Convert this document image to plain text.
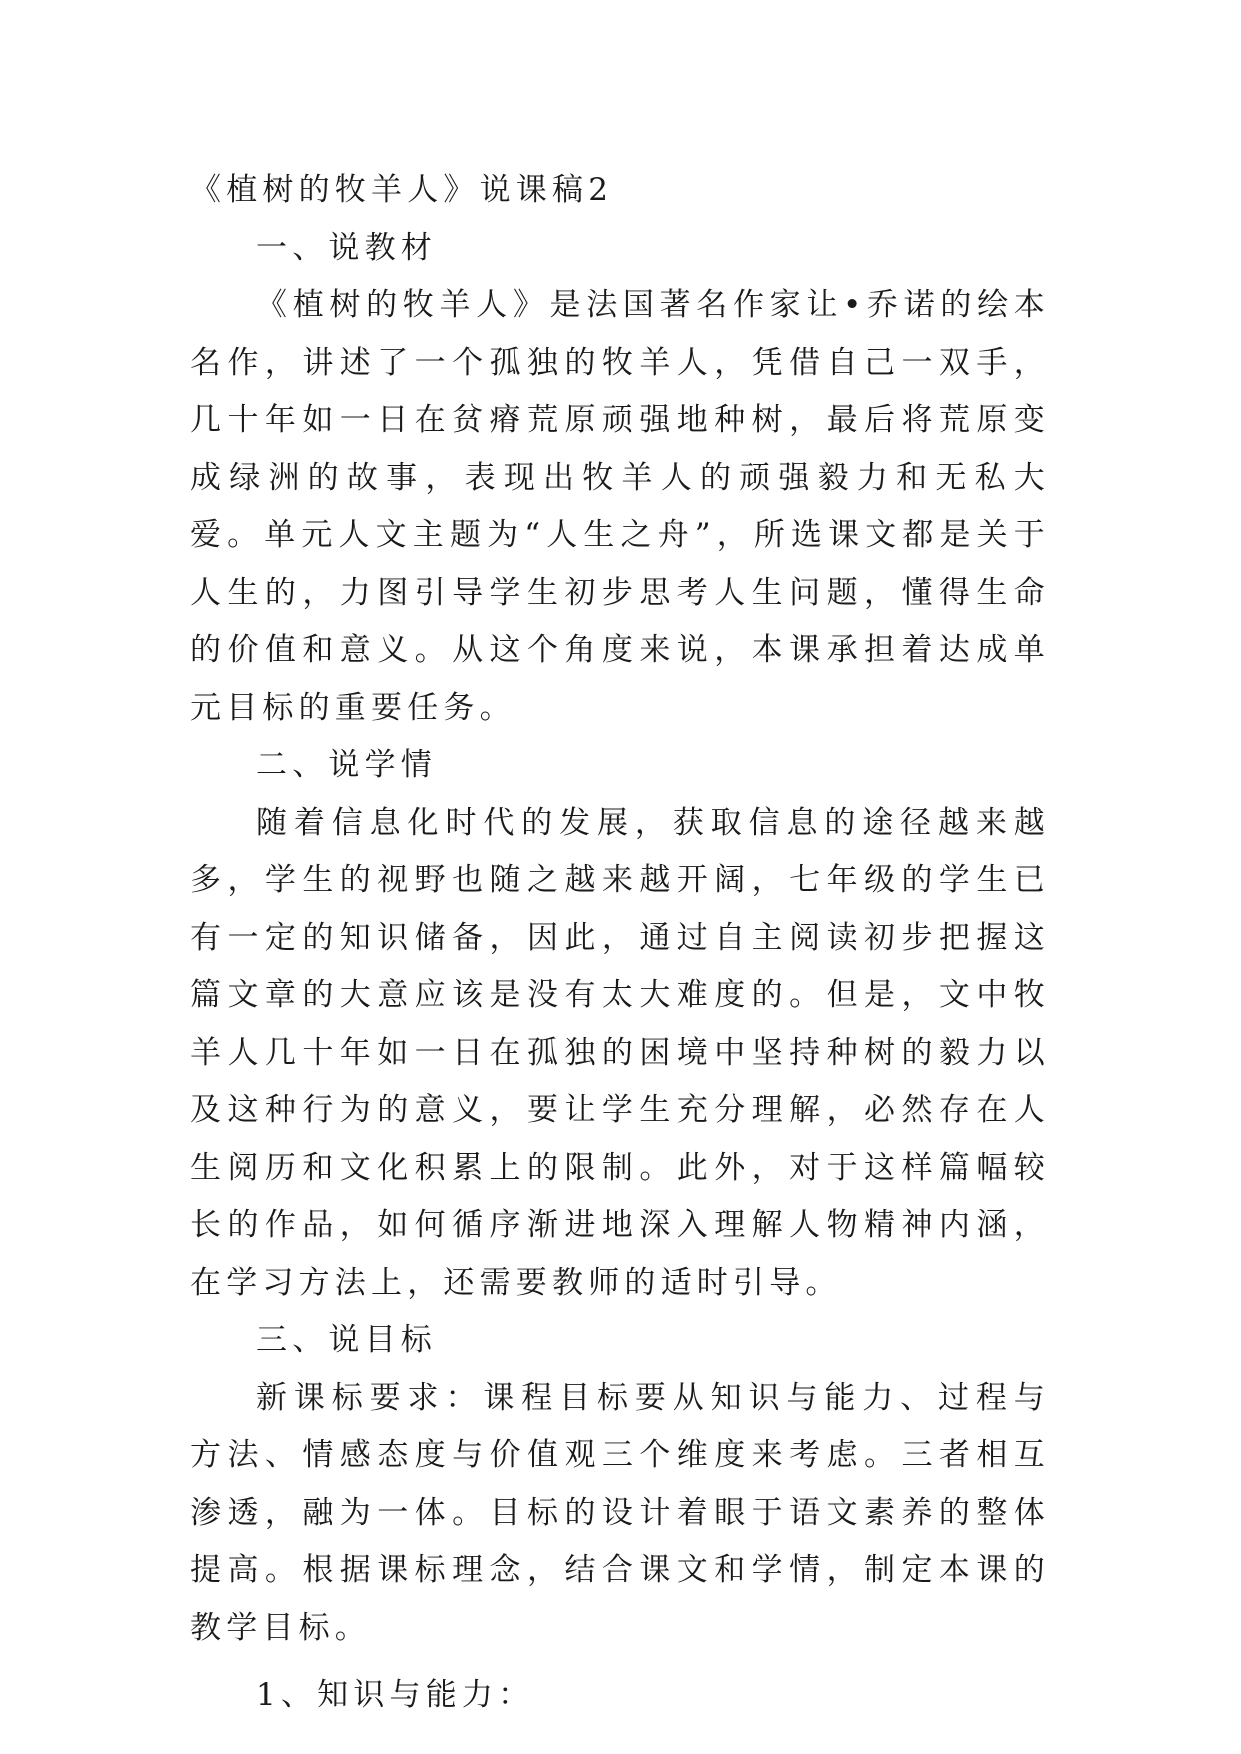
《植树的牧羊人》说课稿2

一、说教材

《植树的牧羊人》是法国著名作家让•乔诺的绘本名作，讲述了一个孤独的牧羊人，凭借自己一双手，几十年如一日在贫瘠荒原顽强地种树，最后将荒原变成绿洲的故事，表现出牧羊人的顽强毅力和无私大爱。单元人文主题为“人生之舟”，所选课文都是关于人生的，力图引导学生初步思考人生问题，懂得生命的价值和意义。从这个角度来说，本课承担着达成单元目标的重要任务。

二、说学情

随着信息化时代的发展，获取信息的途径越来越多，学生的视野也随之越来越开阔，七年级的学生已有一定的知识储备，因此，通过自主阅读初步把握这篇文章的大意应该是没有太大难度的。但是，文中牧羊人几十年如一日在孤独的困境中坚持种树的毅力以及这种行为的意义，要让学生充分理解，必然存在人生阅历和文化积累上的限制。此外，对于这样篇幅较长的作品，如何循序渐进地深入理解人物精神内涵，在学习方法上，还需要教师的适时引导。

三、说目标

新课标要求：课程目标要从知识与能力、过程与方法、情感态度与价值观三个维度来考虑。三者相互渗透，融为一体。目标的设计着眼于语文素养的整体提高。根据课标理念，结合课文和学情，制定本课的教学目标。

1、知识与能力：
